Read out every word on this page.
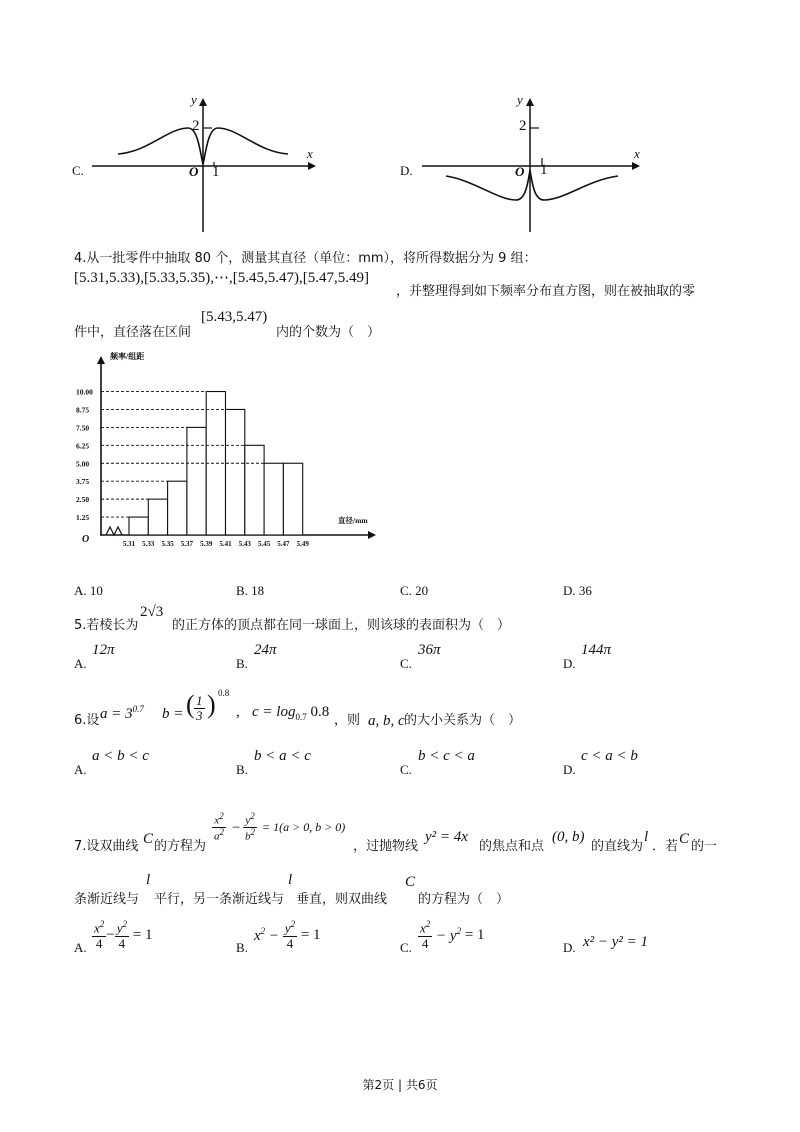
C.
y
x
O
2
1	D.
y
x
O
2
1
4.从一批零件中抽取 80 个，测量其直径（单位：mm），将所得数据分为 9 组：
[5.31,5.33),[5.33,5.35),⋯,[5.45,5.47),[5.47,5.49]
，并整理得到如下频率分布直方图，则在被抽取的零
件中，直径落在区间
[5.43,5.47)
内的个数为（　）
频率/组距
直径/mm
O
10.00
8.75
7.50
6.25
5.00
3.75
2.50
1.25
5.31 5.33 5.35 5.37 5.39 5.41 5.43 5.45 5.47 5.49
A. 10	B. 18	C. 20	D. 36
5.若棱长为
2√3
的正方体的顶点都在同一球面上，则该球的表面积为（　）
A.
12π
B.
24π
C.
36π
D.
144π
6.设 $a = 3^{0.7}$ b = ( $\frac{1}{3}$ ) 0.8
, $c = \log_{0.7} 0.8$
，则 a, b, c 的大小关系为（　）
A.
a < b < c
B.
b < a < c
C.
b < c < a
D.
c < a < b
7.设双曲线 C 的方程为
$\frac{x^2}{a^2} - \frac{y^2}{b^2} = 1(a > 0$, b > 0)
，过抛物线
y² = 4x
的焦点和点
(0, b)
的直线为
l
．若 C 的一
条渐近线与
l
平行，另一条渐近线与
l
垂直，则双曲线
C
的方程为（　）
A. $\frac{x^2}{4} - \frac{y^2}{4} = 1$
B.
$x^2 - \frac{y^2}{4} = 1$
C. $\frac{x^2}{4} - y^2 = 1$
D. x² − y² = 1
第2页 | 共6页
